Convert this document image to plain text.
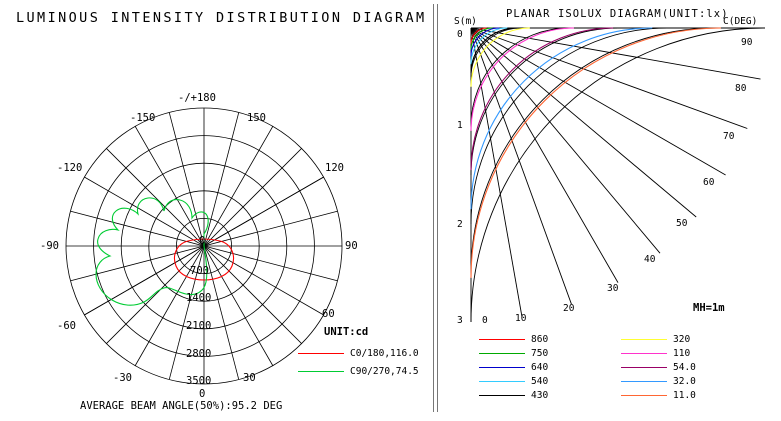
LUMINOUS INTENSITY DISTRIBUTION DIAGRAM
-/+180
-150	150
-120	120
-90	90
-60
60
-30	30
0
0
700
1400
2100
2800
3500
UNIT:cd
C0/180,116.0
C90/270,74.5
AVERAGE BEAM ANGLE(50%):95.2 DEG
PLANAR ISOLUX DIAGRAM(UNIT:lx)
S(m)	C(DEG)
0
1
2
3 0	10
20
30
40
50
60
70
80
90
MH=1m
860
750
640
540
430
320
110
54.0
32.0
11.0
